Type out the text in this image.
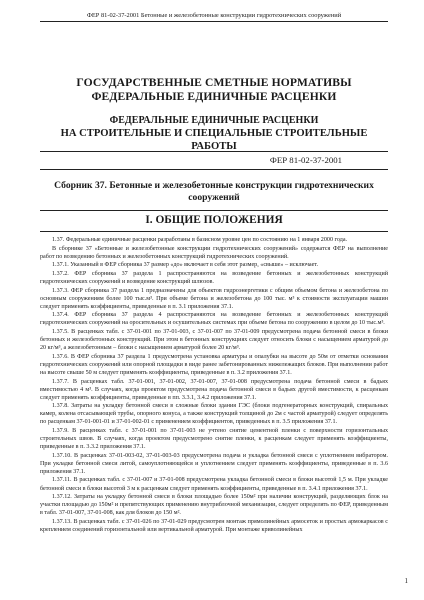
ФЕР 81-02-37-2001 Бетонные и железобетонные конструкции гидротехнических сооружений
ГОСУДАРСТВЕННЫЕ СМЕТНЫЕ НОРМАТИВЫ
ФЕДЕРАЛЬНЫЕ ЕДИНИЧНЫЕ РАСЦЕНКИ
ФЕДЕРАЛЬНЫЕ ЕДИНИЧНЫЕ РАСЦЕНКИ
НА СТРОИТЕЛЬНЫЕ И СПЕЦИАЛЬНЫЕ СТРОИТЕЛЬНЫЕ РАБОТЫ
ФЕР 81-02-37-2001
Сборник 37. Бетонные и железобетонные конструкции гидротехнических
сооружений
I. ОБЩИЕ ПОЛОЖЕНИЯ

1.37. Федеральные единичные расценки разработаны в базисном уровне цен по состоянию на 1 января 2000 года.

В сборнике 37 «Бетонные и железобетонные конструкции гидротехнических сооружений» содержатся ФЕР на выполнение работ по возведению бетонных и железобетонных конструкций гидротехнических сооружений.

1.37.1. Указанный в ФЕР сборника 37 размер «до» включает в себя этот размер, «свыше» – исключает.

1.37.2. ФЕР сборника 37 раздела 1 распространяются на возведение бетонных и железобетонных конструкций гидротехнических сооружений и возведение конструкций шлюзов.

1.37.3. ФЕР сборника 37 раздела 1 предназначены для объектов гидроэнергетики с общим объемом бетона и железобетона по основным сооружениям более 100 тыс.м³. При объеме бетона и железобетона до 100 тыс. м³ к стоимости эксплуатации машин следует применять коэффициенты, приведенные в п. 3.1 приложения 37.1.

1.37.4. ФЕР сборника 37 раздела 4 распространяются на возведение бетонных и железобетонных конструкций гидротехнических сооружений на оросительных и осушительных системах при объеме бетона по сооружению в целом до 10 тыс.м³.

1.37.5. В расценках табл. с 37-01-001 по 37-01-003, с 37-01-007 по 37-01-009 предусмотрена подача бетонной смеси в блоки бетонных и железобетонных конструкций. При этом в бетонных конструкциях следует относить блоки с насыщением арматурой до 20 кг/м³, а железобетонным – блоки с насыщением арматурой более 20 кг/м³.

1.37.6. В ФЕР сборника 37 раздела 1 предусмотрена установка арматуры и опалубки на высоте до 50м от отметки основания гидротехнических сооружений или опорной площадки в виде ранее забетонированных нижележащих блоков. При выполнении работ на высоте свыше 50 м следует применять коэффициенты, приведенные в п. 3.2 приложения 37.1.

1.37.7. В расценках табл. 37-01-001, 37-01-002, 37-01-007, 37-01-008 предусмотрена подача бетонной смеси в бадьях вместимостью 4 м³. В случаях, когда проектом предусмотрена подача бетонной смеси в бадьях другой вместимости, к расценкам следует применять коэффициенты, приведенные в пп. 3.3.1, 3.4.2 приложения 37.1.

1.37.8. Затраты на укладку бетонной смеси в сложные блоки здания ГЭС (блоки подгенераторных конструкций, спиральных камер, колена отсасывающей трубы, опорного конуса, а также конструкций толщиной до 2м с частой арматурой) следует определять по расценкам 37-01-001-01 и 37-01-002-01 с применением коэффициентов, приведенных в п. 3.5 приложения 37.1.

1.37.9. В расценках табл. с 37-01-001 по 37-01-003 не учтено снятие цементной пленки с поверхности горизонтальных строительных швов. В случаях, когда проектом предусмотрено снятие пленки, к расценкам следует применять коэффициенты, приведенные в п. 3.3.2 приложения 37.1.

1.37.10. В расценках 37-01-003-02, 37-01-003-03 предусмотрена подача и укладка бетонной смеси с уплотнением вибратором. При укладке бетонной смеси литой, самоуплотняющейся и уплотнением следует применять коэффициенты, приведенные в п. 3.6 приложения 37.1.

1.37.11. В расценках табл. с 37-01-007 и 37-01-008 предусмотрена укладка бетонной смеси в блоки высотой 1,5 м. При укладке бетонной смеси в блоки высотой 3 м к расценкам следует применять коэффициенты, приведенные в п. 3.4.1 приложения 37.1.

1.37.12. Затраты на укладку бетонной смеси в блоки площадью более 150м² при наличии конструкций, разделяющих блок на участки площадью до 150м² и препятствующих применению внутриблочной механизации, следует определять по ФЕР, приведенным в табл. 37-01-007, 37-01-008, как для блоков до 150 м².

1.37.13. В расценках табл. с 37-01-026 по 37-01-029 предусмотрен монтаж прямолинейных армосеток и простых армокаркасов с креплением соединений горизонтальной или вертикальной арматурой. При монтаже криволинейных

1
